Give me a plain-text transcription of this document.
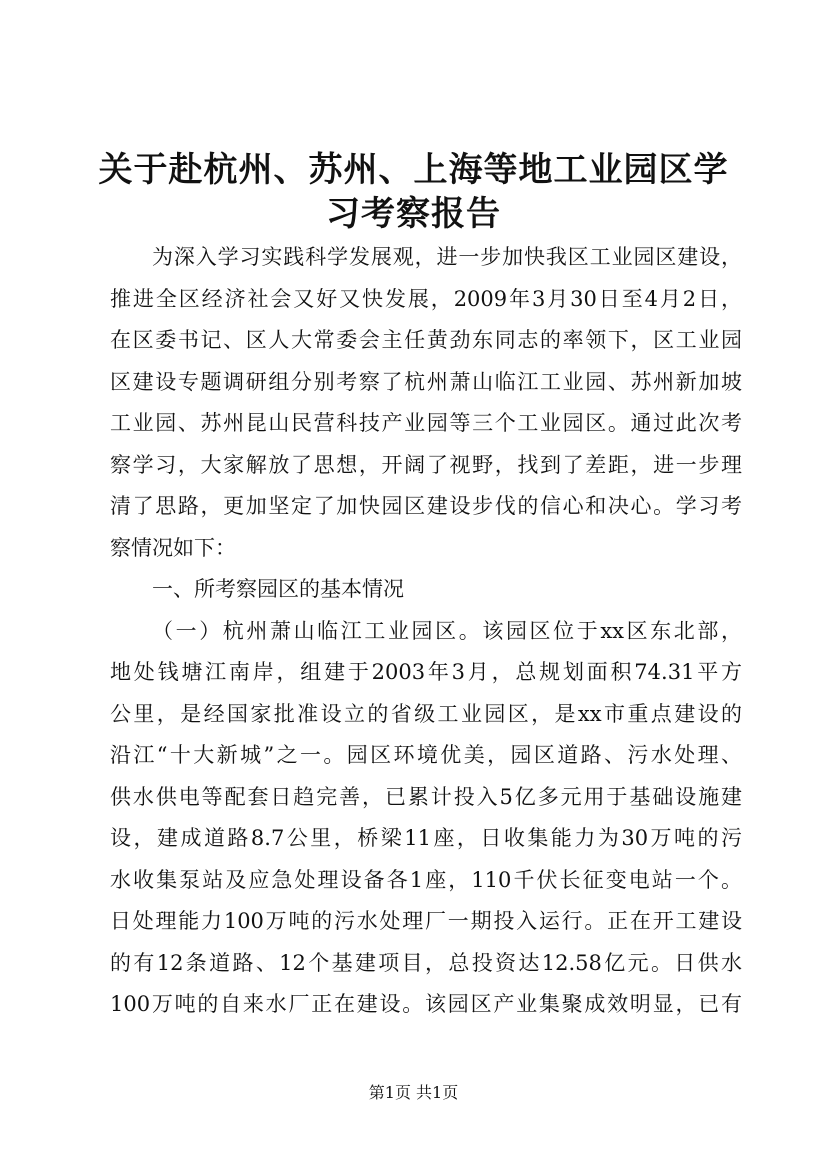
关于赴杭州、苏州、上海等地工业园区学习考察报告
为深入学习实践科学发展观，进一步加快我区工业园区建设，
推进全区经济社会又好又快发展，2009年3月30日至4月2日，
在区委书记、区人大常委会主任黄劲东同志的率领下，区工业园
区建设专题调研组分别考察了杭州萧山临江工业园、苏州新加坡
工业园、苏州昆山民营科技产业园等三个工业园区。通过此次考
察学习，大家解放了思想，开阔了视野，找到了差距，进一步理
清了思路，更加坚定了加快园区建设步伐的信心和决心。学习考
察情况如下：
一、所考察园区的基本情况
（一）杭州萧山临江工业园区。该园区位于xx区东北部，
地处钱塘江南岸，组建于2003年3月，总规划面积74.31平方
公里，是经国家批准设立的省级工业园区，是xx市重点建设的
沿江“十大新城”之一。园区环境优美，园区道路、污水处理、
供水供电等配套日趋完善，已累计投入5亿多元用于基础设施建
设，建成道路8.7公里，桥梁11座，日收集能力为30万吨的污
水收集泵站及应急处理设备各1座，110千伏长征变电站一个。
日处理能力100万吨的污水处理厂一期投入运行。正在开工建设
的有12条道路、12个基建项目，总投资达12.58亿元。日供水
100万吨的自来水厂正在建设。该园区产业集聚成效明显，已有
第1页 共1页
